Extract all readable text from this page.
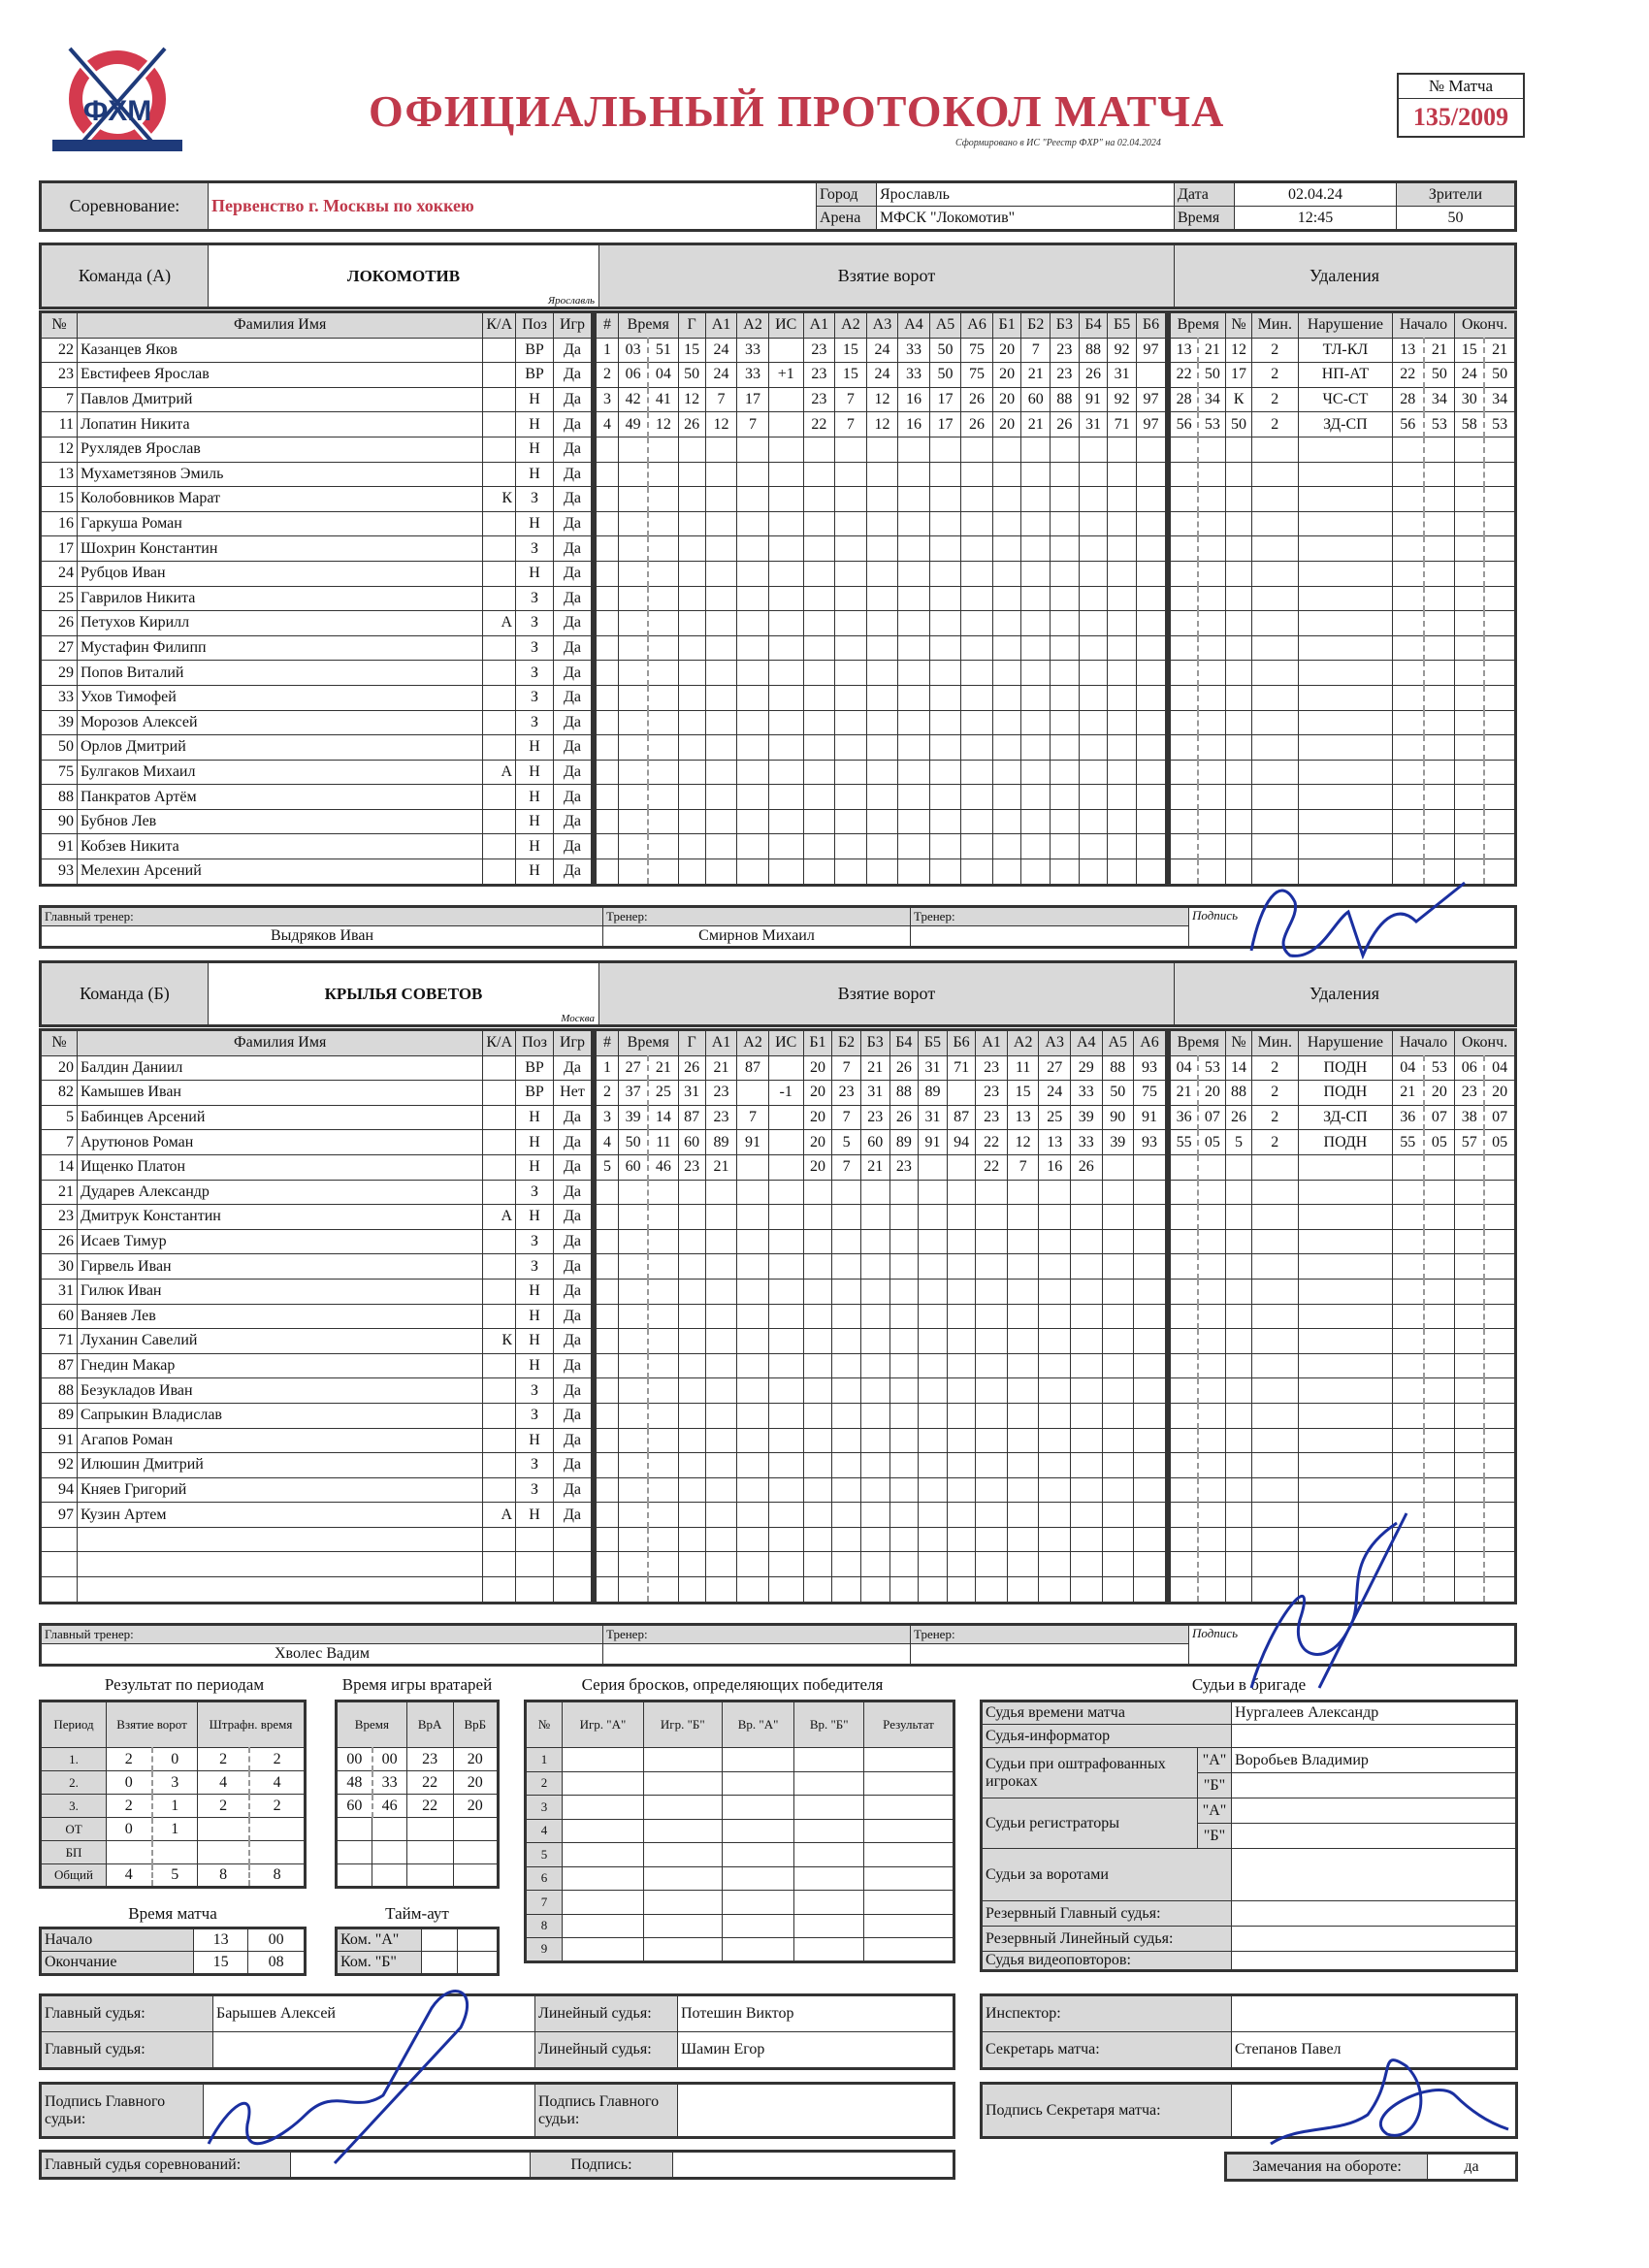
ФХМ	ОФИЦИАЛЬНЫЙ ПРОТОКОЛ МАТЧА
Сформировано в ИС "Реестр ФХР" на 02.04.2024
№ Матча
135/2009
Соревнование:	Первенство г. Москвы по хоккею	Город	Ярославль	Дата	02.04.24	Зрители
		Арена	МФСК "Локомотив"	Время	12:45	50
Команда (А)	ЛОКОМОТИВ
Ярославль
	Взятие ворот	Удаления
№	Фамилия Имя	К/А	Поз	Игр
22	Казанцев Яков		ВР	Да
23	Евстифеев Ярослав		ВР	Да
7	Павлов Дмитрий		Н	Да
11	Лопатин Никита		Н	Да
12	Рухлядев Ярослав		Н	Да
13	Мухаметзянов Эмиль		Н	Да
15	Колобовников Марат	К	З	Да
16	Гаркуша Роман		Н	Да
17	Шохрин Константин		З	Да
24	Рубцов Иван		Н	Да
25	Гаврилов Никита		З	Да
26	Петухов Кирилл	А	З	Да
27	Мустафин Филипп		З	Да
29	Попов Виталий		З	Да
33	Ухов Тимофей		З	Да
39	Морозов Алексей		З	Да
50	Орлов Дмитрий		Н	Да
75	Булгаков Михаил	А	Н	Да
88	Панкратов Артём		Н	Да
90	Бубнов Лев		Н	Да
91	Кобзев Никита		Н	Да
93	Мелехин Арсений		Н	Да
#	Время		Г	А1	А2	ИС	А1	А2	А3	А4	А5	А6	Б1	Б2	Б3	Б4	Б5	Б6
1	03	51	15	24	33		23	15	24	33	50	75	20	7	23	88	92	97
2	06	04	50	24	33	+1	23	15	24	33	50	75	20	21	23	26	31	
3	42	41	12	7	17		23	7	12	16	17	26	20	60	88	91	92	97
4	49	12	26	12	7		22	7	12	16	17	26	20	21	26	31	71	97

Время		№	Мин.	Нарушение	Начало		Оконч.	
13	21	12	2	ТЛ-КЛ	13	21	15	21
22	50	17	2	НП-АТ	22	50	24	50
28	34	К	2	ЧС-СТ	28	34	30	34
56	53	50	2	ЗД-СП	56	53	58	53

Главный тренер:	Тренер:	Тренер:	Подпись
Выдряков Иван	Смирнов Михаил		
Команда (Б)	КРЫЛЬЯ СОВЕТОВ
Москва
	Взятие ворот	Удаления
№	Фамилия Имя	К/А	Поз	Игр
20	Балдин Даниил		ВР	Да
82	Камышев Иван		ВР	Нет
5	Бабинцев Арсений		Н	Да
7	Арутюнов Роман		Н	Да
14	Ищенко Платон		Н	Да
21	Дударев Александр		З	Да
23	Дмитрук Константин	А	Н	Да
26	Исаев Тимур		З	Да
30	Гирвель Иван		З	Да
31	Гилюк Иван		Н	Да
60	Ваняев Лев		Н	Да
71	Луханин Савелий	К	Н	Да
87	Гнедин Макар		Н	Да
88	Безукладов Иван		З	Да
89	Сапрыкин Владислав		З	Да
91	Агапов Роман		Н	Да
92	Илюшин Дмитрий		З	Да
94	Княев Григорий		З	Да
97	Кузин Артем	А	Н	Да

#	Время		Г	А1	А2	ИС	Б1	Б2	Б3	Б4	Б5	Б6	А1	А2	А3	А4	А5	А6
1	27	21	26	21	87		20	7	21	26	31	71	23	11	27	29	88	93
2	37	25	31	23		-1	20	23	31	88	89		23	15	24	33	50	75
3	39	14	87	23	7		20	7	23	26	31	87	23	13	25	39	90	91
4	50	11	60	89	91		20	5	60	89	91	94	22	12	13	33	39	93
5	60	46	23	21			20	7	21	23			22	7	16	26		

Время		№	Мин.	Нарушение	Начало		Оконч.	
04	53	14	2	ПОДН	04	53	06	04
21	20	88	2	ПОДН	21	20	23	20
36	07	26	2	ЗД-СП	36	07	38	07
55	05	5	2	ПОДН	55	05	57	05

Главный тренер:	Тренер:	Тренер:	Подпись
Хволес Вадим			
Результат по периодам
Период	Взятие ворот		Штрафн. время	
1.	2	0	2	2
2.	0	3	4	4
3.	2	1	2	2
ОТ	0	1		
БП				
Общий	4	5	8	8
Время игры вратарей
Время		ВрА	ВрБ
00	00	23	20
48	33	22	20
60	46	22	20

Серия бросков, определяющих победителя
№	Игр. "А"	Игр. "Б"	Вр. "А"	Вр. "Б"	Результат
1					
2					
3					
4					
5					
6					
7					
8					
9					
Время матча
Начало	13	00
Окончание	15	08
Тайм-аут
Ком. "А"		
Ком. "Б"		
Судьи в бригаде
Судья времени матча		Нургалеев Александр
Судья-информатор		
Судьи при оштрафованных игроках	"А"	Воробьев Владимир
	"Б"	
Судьи регистраторы	"А"	
	"Б"	
Судьи за воротами		
Резервный Главный судья:		
Резервный Линейный судья:		
Судья видеоповторов:		
Главный судья:	Барышев Алексей	Линейный судья:	Потешин Виктор
Главный судья:		Линейный судья:	Шамин Егор
Инспектор:	
Секретарь матча:	Степанов Павел
Подпись Главного судьи:		Подпись Главного судьи:	
Подпись Секретаря матча:	
Главный судья соревнований:		Подпись:		Замечания на обороте:	да
